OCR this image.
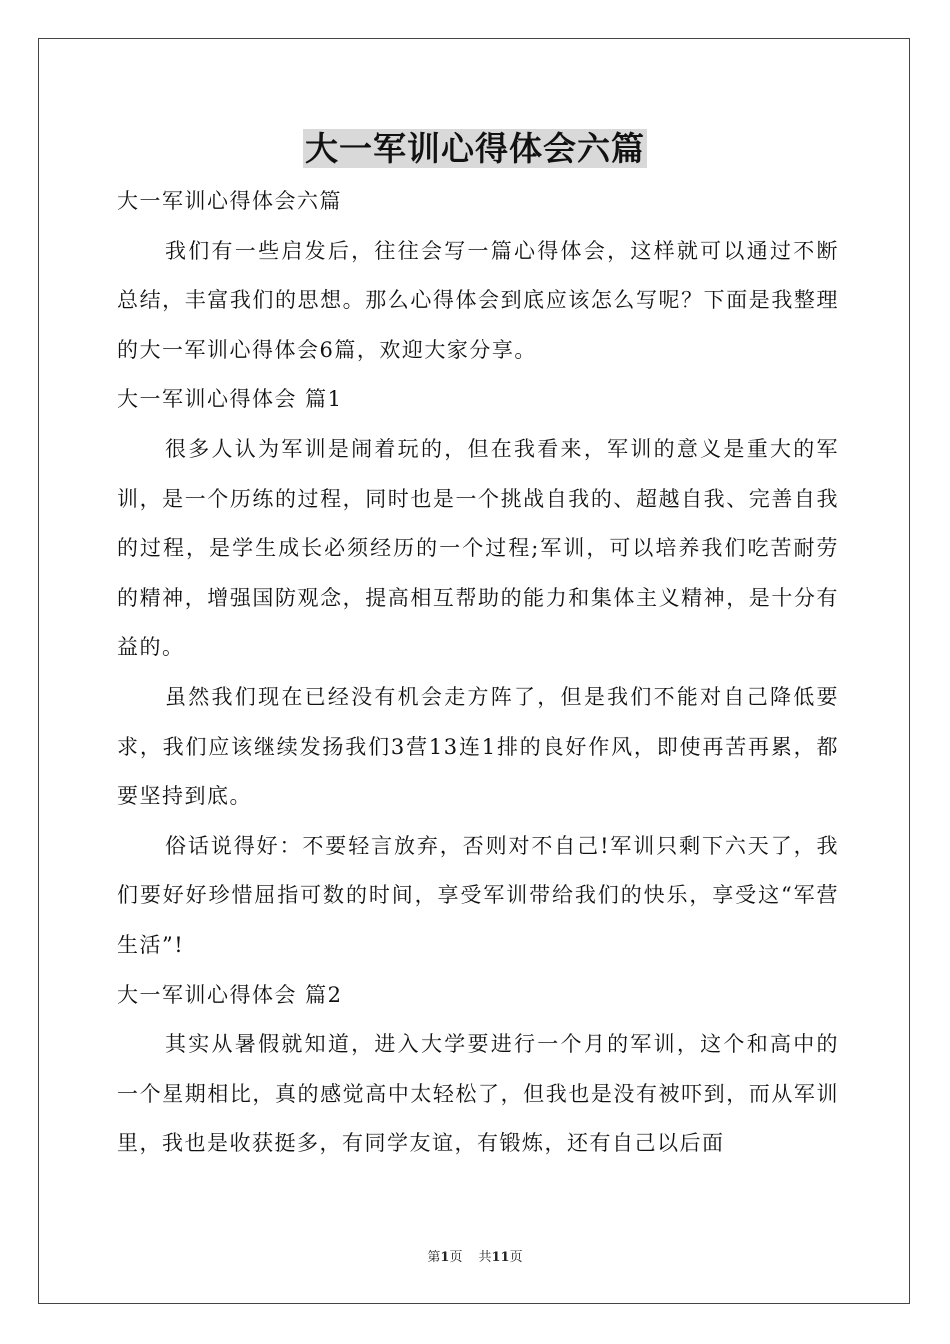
大一军训心得体会六篇

大一军训心得体会六篇

我们有一些启发后，往往会写一篇心得体会，这样就可以通过不断总结，丰富我们的思想。那么心得体会到底应该怎么写呢？下面是我整理的大一军训心得体会6篇，欢迎大家分享。

大一军训心得体会 篇1

很多人认为军训是闹着玩的，但在我看来，军训的意义是重大的军训，是一个历练的过程，同时也是一个挑战自我的、超越自我、完善自我的过程，是学生成长必须经历的一个过程;军训，可以培养我们吃苦耐劳的精神，增强国防观念，提高相互帮助的能力和集体主义精神，是十分有益的。

虽然我们现在已经没有机会走方阵了，但是我们不能对自己降低要求，我们应该继续发扬我们3营13连1排的良好作风，即使再苦再累，都要坚持到底。

俗话说得好：不要轻言放弃，否则对不自己!军训只剩下六天了，我们要好好珍惜屈指可数的时间，享受军训带给我们的快乐，享受这“军营生活”!

大一军训心得体会 篇2

其实从暑假就知道，进入大学要进行一个月的军训，这个和高中的一个星期相比，真的感觉高中太轻松了，但我也是没有被吓到，而从军训里，我也是收获挺多，有同学友谊，有锻炼，还有自己以后面

第1页 共11页
